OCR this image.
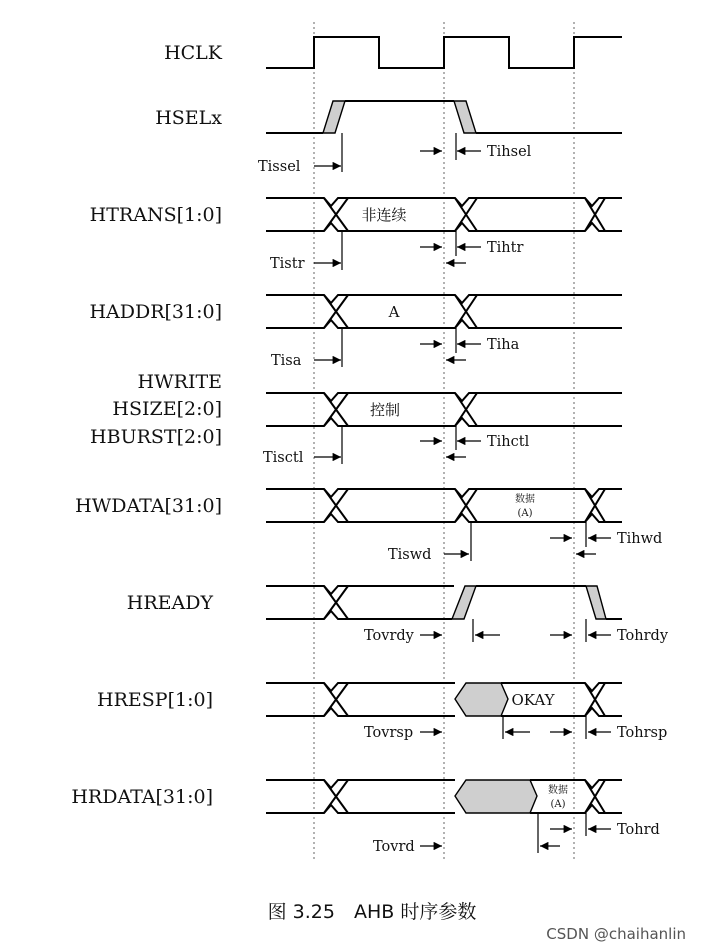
HCLK
HSELx
HTRANS[1:0]
HADDR[31:0]
HWRITE
HSIZE[2:0]
HBURST[2:0]
HWDATA[31:0]
HREADY
HRESP[1:0]
HRDATA[31:0]
非连续
A
控制
数据
(A)
OKAY
数据
(A)
Tissel
Tihsel
Tistr
Tihtr
Tisa
Tiha
Tisctl
Tihctl
Tiswd
Tihwd
Tovrdy	Tohrdy
Tovrsp	Tohrsp
Tovrd
Tohrd
图 3.25　AHB 时序参数
CSDN @chaihanlin
